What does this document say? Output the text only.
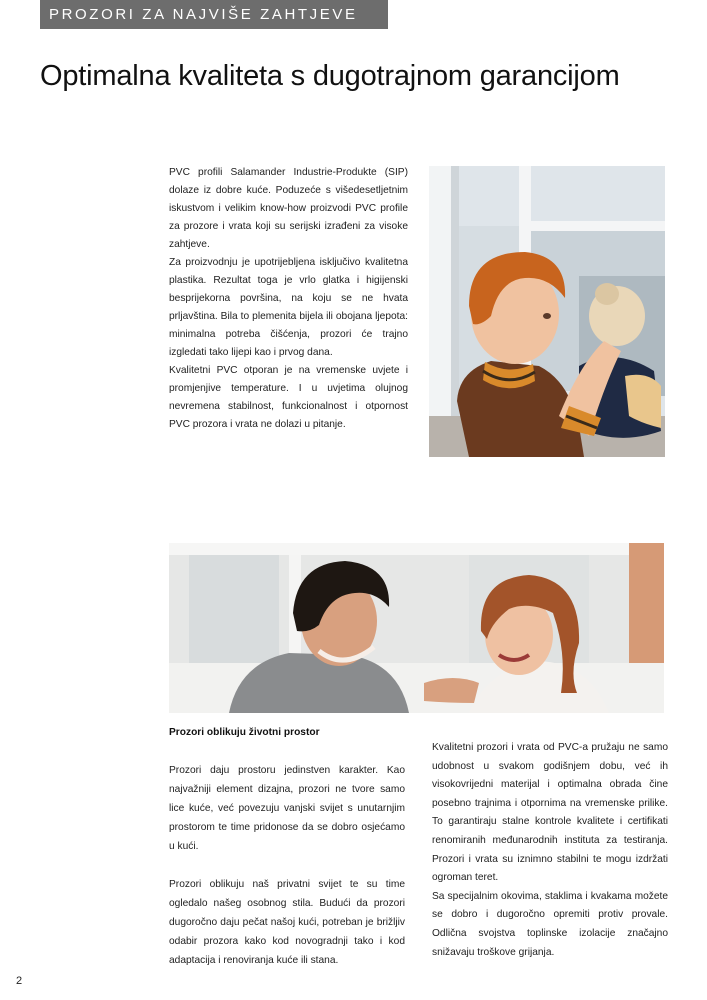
PROZORI ZA NAJVIŠE ZAHTJEVE
Optimalna kvaliteta s dugotrajnom garancijom

PVC profili Salamander Industrie-Produkte (SIP) dolaze iz dobre kuće. Poduzeće s višedesetljetnim iskustvom i velikim know-how proizvodi PVC profile za prozore i vrata koji su serijski izrađeni za visoke zahtjeve.

Za proizvodnju je upotrijebljena isključivo kvalitetna plastika. Rezultat toga je vrlo glatka i higijenski besprijekorna površina, na koju se ne hvata prljavština. Bila to plemenita bijela ili obojana ljepota: minimalna potreba čišćenja, prozori će trajno izgledati tako lijepi kao i prvog dana.

Kvalitetni PVC otporan je na vremenske uvjete i promjenjive temperature. I u uvjetima olujnog nevremena stabilnost, funkcionalnost i otpornost PVC prozora i vrata ne dolazi u pitanje.

Prozori oblikuju životni prostor

Prozori daju prostoru jedinstven karakter. Kao najvažniji element dizajna, prozori ne tvore samo lice kuće, već povezuju vanjski svijet s unutarnjim prostorom te time pridonose da se dobro osjećamo u kući.

Prozori oblikuju naš privatni svijet te su time ogledalo našeg osobnog stila. Budući da prozori dugoročno daju pečat našoj kući, potreban je brižljiv odabir prozora kako kod novogradnji tako i kod adaptacija i renoviranja kuće ili stana.

Kvalitetni prozori i vrata od PVC-a pružaju ne samo udobnost u svakom godišnjem dobu, već ih visokovrijedni materijal i optimalna obrada čine posebno trajnima i otpornima na vremenske prilike. To garantiraju stalne kontrole kvalitete i certifikati renomiranih međunarodnih instituta za testiranja. Prozori i vrata su iznimno stabilni te mogu izdržati ogroman teret.

Sa specijalnim okovima, staklima i kvakama možete se dobro i dugoročno opremiti protiv provale. Odlična svojstva toplinske izolacije značajno snižavaju troškove grijanja.

2
